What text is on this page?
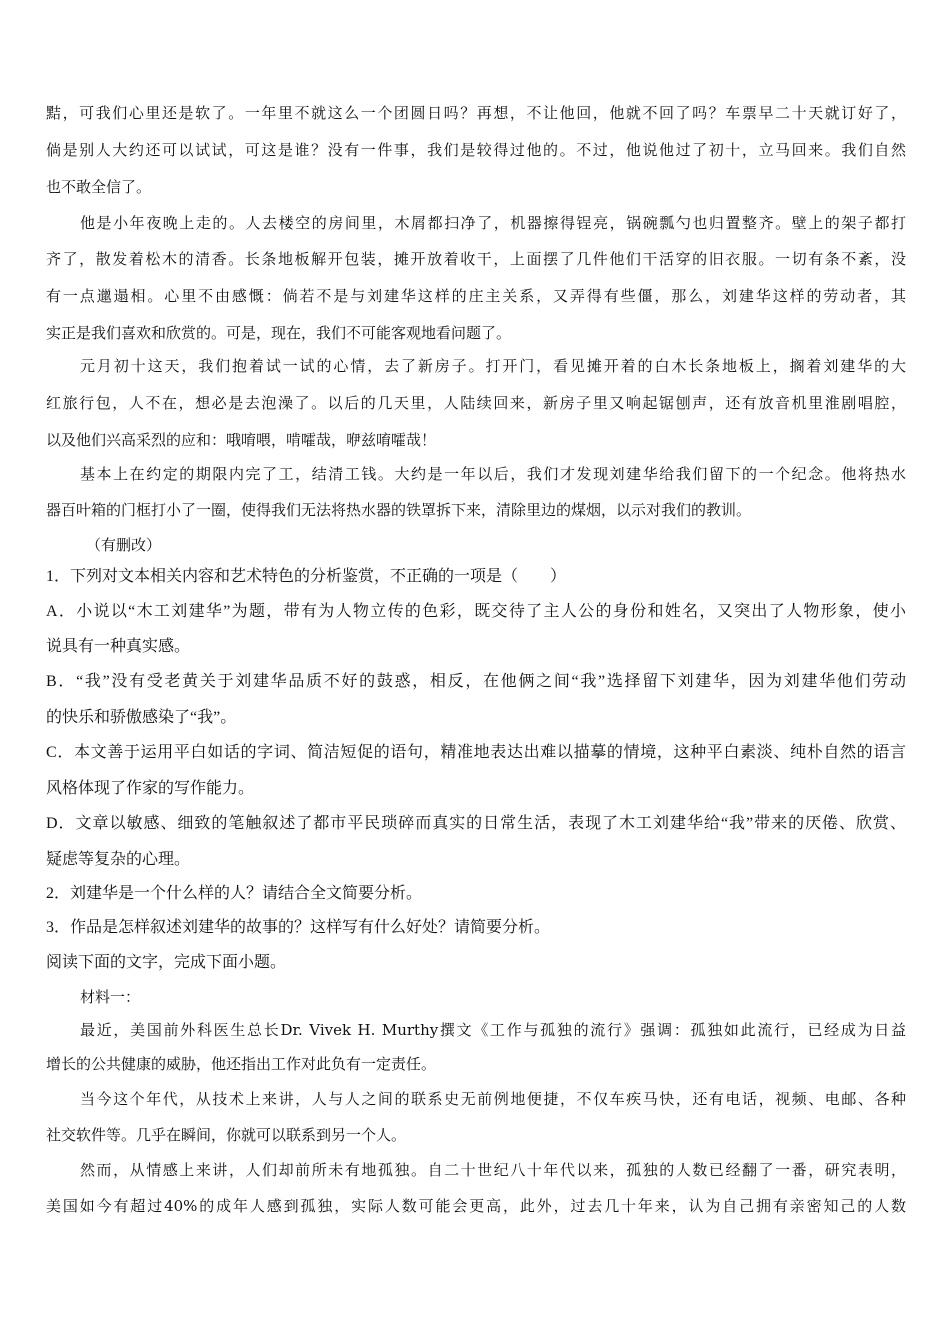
黠，可我们心里还是软了。一年里不就这么一个团圆日吗？再想，不让他回，他就不回了吗？车票早二十天就订好了，
倘是别人大约还可以试试，可这是谁？没有一件事，我们是较得过他的。不过，他说他过了初十，立马回来。我们自然
也不敢全信了。
他是小年夜晚上走的。人去楼空的房间里，木屑都扫净了，机器擦得锃亮，锅碗瓢勺也归置整齐。壁上的架子都打
齐了，散发着松木的清香。长条地板解开包装，摊开放着收干，上面摆了几件他们干活穿的旧衣服。一切有条不紊，没
有一点邋遢相。心里不由感慨：倘若不是与刘建华这样的庄主关系，又弄得有些僵，那么，刘建华这样的劳动者，其
实正是我们喜欢和欣赏的。可是，现在，我们不可能客观地看问题了。
元月初十这天，我们抱着试一试的心情，去了新房子。打开门，看见摊开着的白木长条地板上，搁着刘建华的大
红旅行包，人不在，想必是去泡澡了。以后的几天里，人陆续回来，新房子里又响起锯刨声，还有放音机里淮剧唱腔，
以及他们兴高采烈的应和：哦唷喂，啃嚯哉，咿兹唷嚯哉！
基本上在约定的期限内完了工，结清工钱。大约是一年以后，我们才发现刘建华给我们留下的一个纪念。他将热水
器百叶箱的门框打小了一圈，使得我们无法将热水器的铁罩拆下来，清除里边的煤烟，以示对我们的教训。
（有删改）
1．下列对文本相关内容和艺术特色的分析鉴赏，不正确的一项是（　　）
A．小说以“木工刘建华”为题，带有为人物立传的色彩，既交待了主人公的身份和姓名，又突出了人物形象，使小
说具有一种真实感。
B．“我”没有受老黄关于刘建华品质不好的鼓惑，相反，在他俩之间“我”选择留下刘建华，因为刘建华他们劳动
的快乐和骄傲感染了“我”。
C．本文善于运用平白如话的字词、简洁短促的语句，精准地表达出难以描摹的情境，这种平白素淡、纯朴自然的语言
风格体现了作家的写作能力。
D．文章以敏感、细致的笔触叙述了都市平民琐碎而真实的日常生活，表现了木工刘建华给“我”带来的厌倦、欣赏、
疑虑等复杂的心理。
2．刘建华是一个什么样的人？请结合全文简要分析。
3．作品是怎样叙述刘建华的故事的？这样写有什么好处？请简要分析。
阅读下面的文字，完成下面小题。
材料一：
最近，美国前外科医生总长Dr. Vivek H. Murthy撰文《工作与孤独的流行》强调：孤独如此流行，已经成为日益
增长的公共健康的威胁，他还指出工作对此负有一定责任。
当今这个年代，从技术上来讲，人与人之间的联系史无前例地便捷，不仅车疾马快，还有电话，视频、电邮、各种
社交软件等。几乎在瞬间，你就可以联系到另一个人。
然而，从情感上来讲，人们却前所未有地孤独。自二十世纪八十年代以来，孤独的人数已经翻了一番，研究表明，
美国如今有超过40%的成年人感到孤独，实际人数可能会更高，此外，过去几十年来，认为自己拥有亲密知己的人数
